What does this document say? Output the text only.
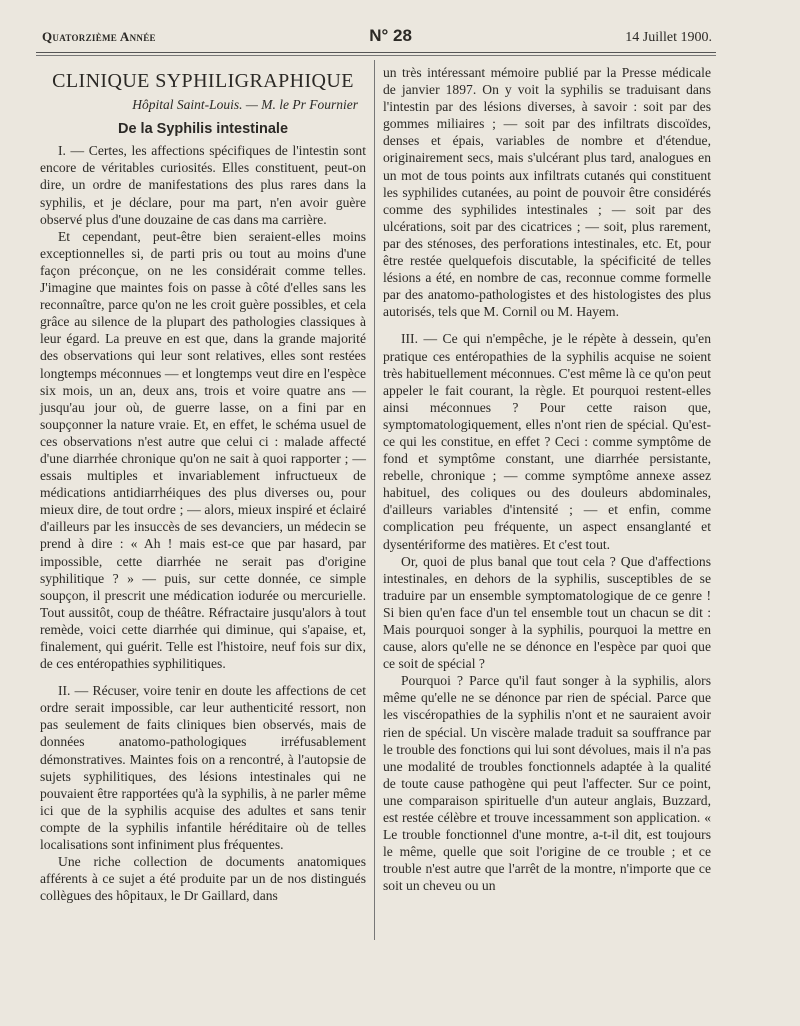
Quatorzième Année	N° 28	14 Juillet 1900.
CLINIQUE SYPHILIGRAPHIQUE
Hôpital Saint-Louis. — M. le Pr Fournier
De la Syphilis intestinale

I. — Certes, les affections spécifiques de l'intestin sont encore de véritables curiosités. Elles constituent, peut-on dire, un ordre de manifestations des plus rares dans la syphilis, et je déclare, pour ma part, n'en avoir guère observé plus d'une douzaine de cas dans ma carrière.

Et cependant, peut-être bien seraient-elles moins exceptionnelles si, de parti pris ou tout au moins d'une façon préconçue, on ne les considérait comme telles. J'imagine que maintes fois on passe à côté d'elles sans les reconnaître, parce qu'on ne les croit guère possibles, et cela grâce au silence de la plupart des pathologies classiques à leur égard. La preuve en est que, dans la grande majorité des observations qui leur sont relatives, elles sont restées longtemps méconnues — et longtemps veut dire en l'espèce six mois, un an, deux ans, trois et voire quatre ans — jusqu'au jour où, de guerre lasse, on a fini par en soupçonner la nature vraie. Et, en effet, le schéma usuel de ces observations n'est autre que celui ci : malade affecté d'une diarrhée chronique qu'on ne sait à quoi rapporter ; — essais multiples et invariablement infructueux de médications antidiarrhéiques des plus diverses ou, pour mieux dire, de tout ordre ; — alors, mieux inspiré et éclairé d'ailleurs par les insuccès de ses devanciers, un médecin se prend à dire : « Ah ! mais est-ce que par hasard, par impossible, cette diarrhée ne serait pas d'origine syphilitique ? » — puis, sur cette donnée, ce simple soupçon, il prescrit une médication iodurée ou mercurielle. Tout aussitôt, coup de théâtre. Réfractaire jusqu'alors à tout remède, voici cette diarrhée qui diminue, qui s'apaise, et, finalement, qui guérit. Telle est l'histoire, neuf fois sur dix, de ces entéropathies syphilitiques.

II. — Récuser, voire tenir en doute les affections de cet ordre serait impossible, car leur authenticité ressort, non pas seulement de faits cliniques bien observés, mais de données anatomo-pathologiques irréfusablement démonstratives. Maintes fois on a rencontré, à l'autopsie de sujets syphilitiques, des lésions intestinales qui ne pouvaient être rapportées qu'à la syphilis, à ne parler même ici que de la syphilis acquise des adultes et sans tenir compte de la syphilis infantile héréditaire où de telles localisations sont infiniment plus fréquentes.

Une riche collection de documents anatomiques afférents à ce sujet a été produite par un de nos distingués collègues des hôpitaux, le Dr Gaillard, dans

un très intéressant mémoire publié par la Presse médicale de janvier 1897. On y voit la syphilis se traduisant dans l'intestin par des lésions diverses, à savoir : soit par des gommes miliaires ; — soit par des infiltrats discoïdes, denses et épais, variables de nombre et d'étendue, originairement secs, mais s'ulcérant plus tard, analogues en un mot de tous points aux infiltrats cutanés qui constituent les syphilides cutanées, au point de pouvoir être considérés comme des syphilides intestinales ; — soit par des ulcérations, soit par des cicatrices ; — soit, plus rarement, par des sténoses, des perforations intestinales, etc. Et, pour être restée quelquefois discutable, la spécificité de telles lésions a été, en nombre de cas, reconnue comme formelle par des anatomo-pathologistes et des histologistes des plus autorisés, tels que M. Cornil ou M. Hayem.

III. — Ce qui n'empêche, je le répète à dessein, qu'en pratique ces entéropathies de la syphilis acquise ne soient très habituellement méconnues. C'est même là ce qu'on peut appeler le fait courant, la règle. Et pourquoi restent-elles ainsi méconnues ? Pour cette raison que, symptomatologiquement, elles n'ont rien de spécial. Qu'est-ce qui les constitue, en effet ? Ceci : comme symptôme de fond et symptôme constant, une diarrhée persistante, rebelle, chronique ; — comme symptôme annexe assez habituel, des coliques ou des douleurs abdominales, d'ailleurs variables d'intensité ; — et enfin, comme complication peu fréquente, un aspect ensanglanté et dysentériforme des matières. Et c'est tout.

Or, quoi de plus banal que tout cela ? Que d'affections intestinales, en dehors de la syphilis, susceptibles de se traduire par un ensemble symptomatologique de ce genre ! Si bien qu'en face d'un tel ensemble tout un chacun se dit : Mais pourquoi songer à la syphilis, pourquoi la mettre en cause, alors qu'elle ne se dénonce en l'espèce par quoi que ce soit de spécial ?

Pourquoi ? Parce qu'il faut songer à la syphilis, alors même qu'elle ne se dénonce par rien de spécial. Parce que les viscéropathies de la syphilis n'ont et ne sauraient avoir rien de spécial. Un viscère malade traduit sa souffrance par le trouble des fonctions qui lui sont dévolues, mais il n'a pas une modalité de troubles fonctionnels adaptée à la qualité de toute cause pathogène qui peut l'affecter. Sur ce point, une comparaison spirituelle d'un auteur anglais, Buzzard, est restée célèbre et trouve incessamment son application. « Le trouble fonctionnel d'une montre, a-t-il dit, est toujours le même, quelle que soit l'origine de ce trouble ; et ce trouble n'est autre que l'arrêt de la montre, n'importe que ce soit un cheveu ou un
